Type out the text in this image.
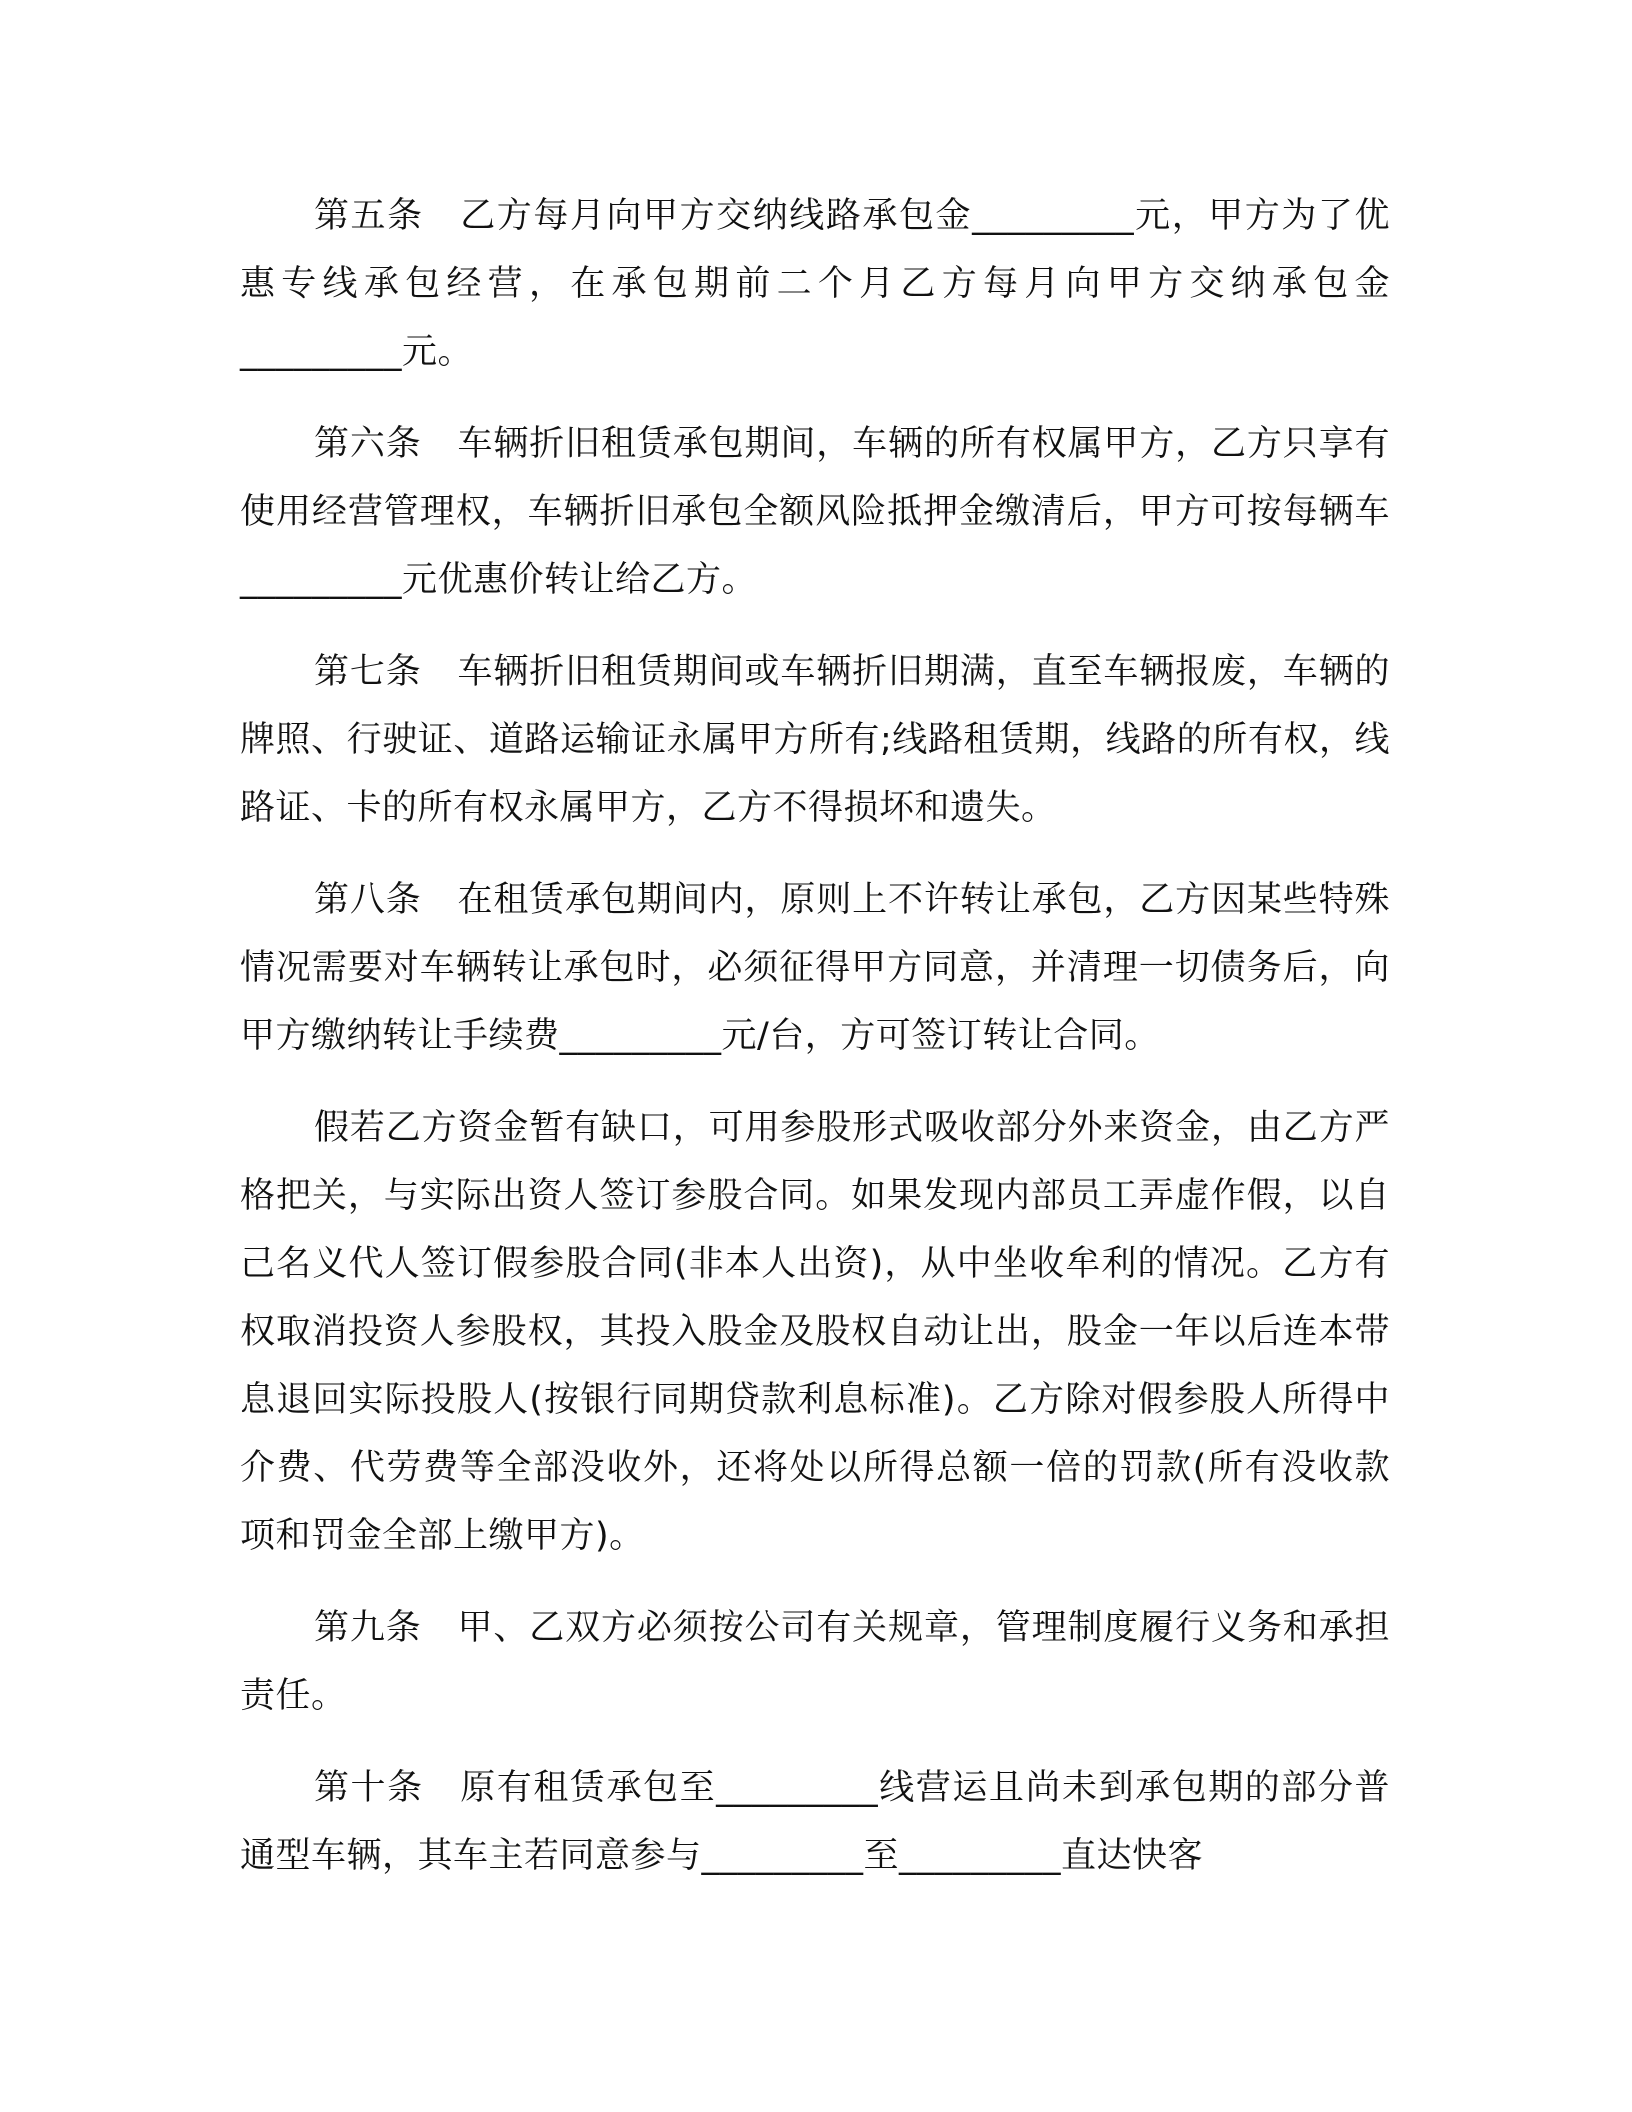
第五条　乙方每月向甲方交纳线路承包金_________元，甲方为了优惠专线承包经营，在承包期前二个月乙方每月向甲方交纳承包金_________元。

第六条　车辆折旧租赁承包期间，车辆的所有权属甲方，乙方只享有使用经营管理权，车辆折旧承包全额风险抵押金缴清后，甲方可按每辆车_________元优惠价转让给乙方。

第七条　车辆折旧租赁期间或车辆折旧期满，直至车辆报废，车辆的牌照、行驶证、道路运输证永属甲方所有;线路租赁期，线路的所有权，线路证、卡的所有权永属甲方，乙方不得损坏和遗失。

第八条　在租赁承包期间内，原则上不许转让承包，乙方因某些特殊情况需要对车辆转让承包时，必须征得甲方同意，并清理一切债务后，向甲方缴纳转让手续费_________元/台，方可签订转让合同。

假若乙方资金暂有缺口，可用参股形式吸收部分外来资金，由乙方严格把关，与实际出资人签订参股合同。如果发现内部员工弄虚作假，以自己名义代人签订假参股合同(非本人出资)，从中坐收牟利的情况。乙方有权取消投资人参股权，其投入股金及股权自动让出，股金一年以后连本带息退回实际投股人(按银行同期贷款利息标准)。乙方除对假参股人所得中介费、代劳费等全部没收外，还将处以所得总额一倍的罚款(所有没收款项和罚金全部上缴甲方)。

第九条　甲、乙双方必须按公司有关规章，管理制度履行义务和承担责任。

第十条　原有租赁承包至_________线营运且尚未到承包期的部分普通型车辆，其车主若同意参与_________至_________直达快客
